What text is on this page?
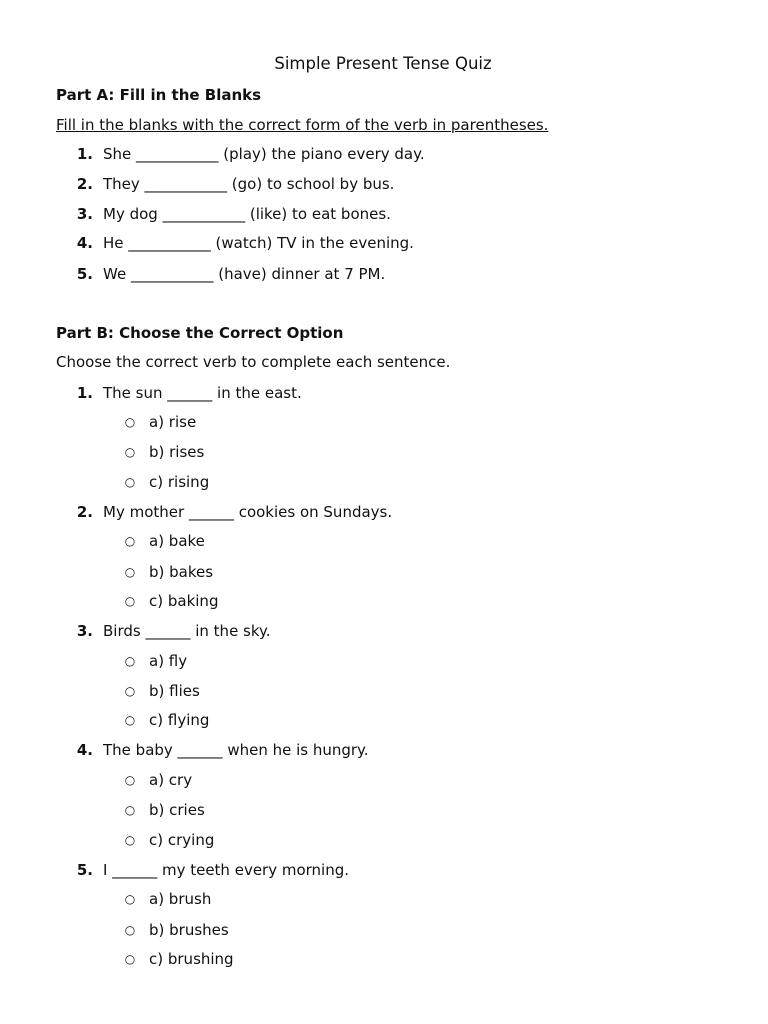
Simple Present Tense Quiz
Part A: Fill in the Blanks
Fill in the blanks with the correct form of the verb in parentheses.
1. She ___________ (play) the piano every day.
2. They ___________ (go) to school by bus.
3. My dog ___________ (like) to eat bones.
4. He ___________ (watch) TV in the evening.
5. We ___________ (have) dinner at 7 PM.
Part B: Choose the Correct Option
Choose the correct verb to complete each sentence.
1. The sun ______ in the east.
○ a) rise
○ b) rises
○ c) rising
2. My mother ______ cookies on Sundays.
○ a) bake
○ b) bakes
○ c) baking
3. Birds ______ in the sky.
○ a) fly
○ b) flies
○ c) flying
4. The baby ______ when he is hungry.
○ a) cry
○ b) cries
○ c) crying
5. I ______ my teeth every morning.
○ a) brush
○ b) brushes
○ c) brushing
